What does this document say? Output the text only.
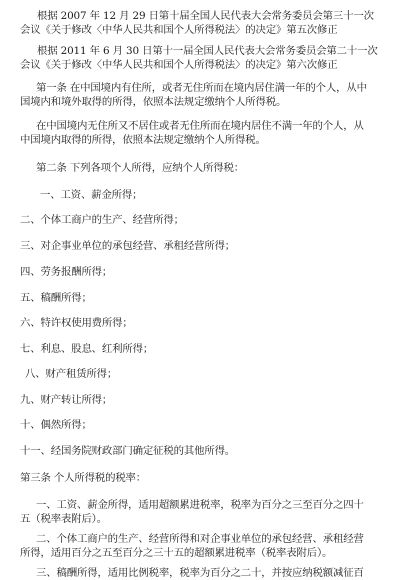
根据 2007 年 12 月 29 日第十届全国人民代表大会常务委员会第三十一次
会议《关于修改〈中华人民共和国个人所得税法〉的决定》第五次修正
根据 2011 年 6 月 30 日第十一届全国人民代表大会常务委员会第二十一次
会议《关于修改〈中华人民共和国个人所得税法〉的决定》第六次修正
第一条 在中国境内有住所，或者无住所而在境内居住满一年的个人，从中
国境内和境外取得的所得，依照本法规定缴纳个人所得税。
在中国境内无住所又不居住或者无住所而在境内居住不满一年的个人，从
中国境内取得的所得，依照本法规定缴纳个人所得税。
第二条 下列各项个人所得，应纳个人所得税：
一、工资、薪金所得；
二、个体工商户的生产、经营所得；
三、对企事业单位的承包经营、承租经营所得；
四、劳务报酬所得；
五、稿酬所得；
六、特许权使用费所得；
七、利息、股息、红利所得；
八、财产租赁所得；
九、财产转让所得；
十、偶然所得；
十一、经国务院财政部门确定征税的其他所得。
第三条 个人所得税的税率：
一、工资、薪金所得，适用超额累进税率，税率为百分之三至百分之四十
五（税率表附后）。
二、个体工商户的生产、经营所得和对企事业单位的承包经营、承租经营
所得，适用百分之五至百分之三十五的超额累进税率（税率表附后）。
三、稿酬所得，适用比例税率，税率为百分之二十，并按应纳税额减征百
